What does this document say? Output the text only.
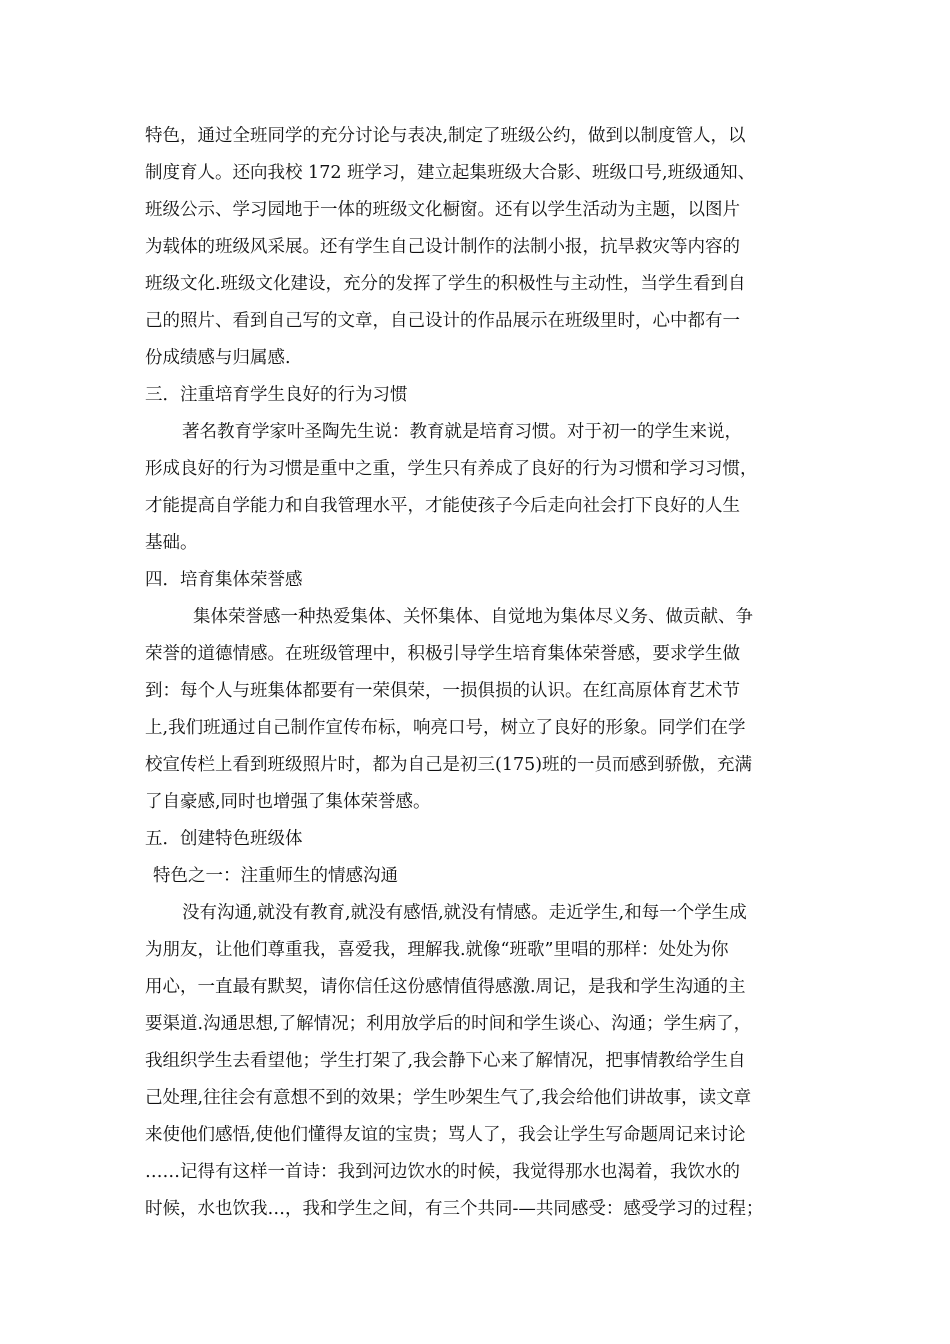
特色，通过全班同学的充分讨论与表决,制定了班级公约，做到以制度管人，以
制度育人。还向我校 172 班学习，建立起集班级大合影、班级口号,班级通知、
班级公示、学习园地于一体的班级文化橱窗。还有以学生活动为主题，以图片
为载体的班级风采展。还有学生自己设计制作的法制小报，抗旱救灾等内容的
班级文化.班级文化建设，充分的发挥了学生的积极性与主动性，当学生看到自
己的照片、看到自己写的文章，自己设计的作品展示在班级里时，心中都有一
份成绩感与归属感.
三．注重培育学生良好的行为习惯
著名教育学家叶圣陶先生说：教育就是培育习惯。对于初一的学生来说，
形成良好的行为习惯是重中之重，学生只有养成了良好的行为习惯和学习习惯，
才能提高自学能力和自我管理水平，才能使孩子今后走向社会打下良好的人生
基础。
四．培育集体荣誉感
集体荣誉感一种热爱集体、关怀集体、自觉地为集体尽义务、做贡献、争
荣誉的道德情感。在班级管理中，积极引导学生培育集体荣誉感，要求学生做
到：每个人与班集体都要有一荣俱荣，一损俱损的认识。在红高原体育艺术节
上,我们班通过自己制作宣传布标，响亮口号，树立了良好的形象。同学们在学
校宣传栏上看到班级照片时，都为自己是初三(175)班的一员而感到骄傲，充满
了自豪感,同时也增强了集体荣誉感。
五．创建特色班级体
特色之一：注重师生的情感沟通
没有沟通,就没有教育,就没有感悟,就没有情感。走近学生,和每一个学生成
为朋友，让他们尊重我，喜爱我，理解我.就像“班歌”里唱的那样：处处为你
用心，一直最有默契，请你信任这份感情值得感激.周记，是我和学生沟通的主
要渠道.沟通思想,了解情况；利用放学后的时间和学生谈心、沟通；学生病了，
我组织学生去看望他；学生打架了,我会静下心来了解情况，把事情教给学生自
己处理,往往会有意想不到的效果；学生吵架生气了,我会给他们讲故事，读文章
来使他们感悟,使他们懂得友谊的宝贵；骂人了，我会让学生写命题周记来讨论
……记得有这样一首诗：我到河边饮水的时候，我觉得那水也渴着，我饮水的
时候，水也饮我…，我和学生之间，有三个共同-—共同感受：感受学习的过程；
